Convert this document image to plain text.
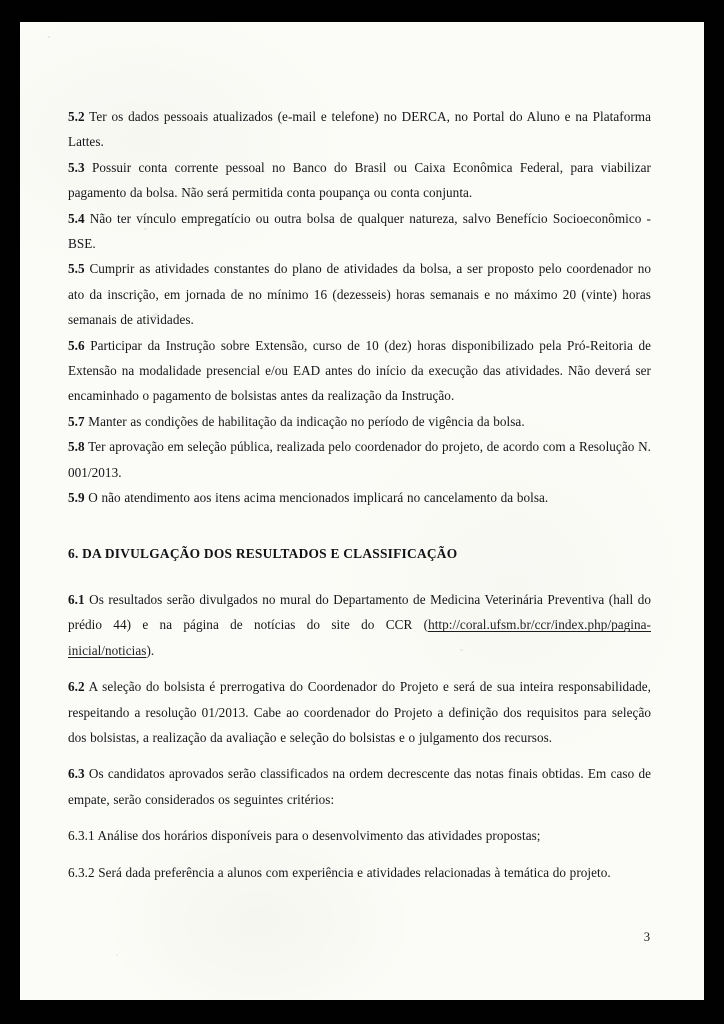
5.2 Ter os dados pessoais atualizados (e-mail e telefone) no DERCA, no Portal do Aluno e na Plataforma Lattes.

5.3 Possuir conta corrente pessoal no Banco do Brasil ou Caixa Econômica Federal, para viabilizar pagamento da bolsa. Não será permitida conta poupança ou conta conjunta.

5.4 Não ter vínculo empregatício ou outra bolsa de qualquer natureza, salvo Benefício Socioeconômico - BSE.

5.5 Cumprir as atividades constantes do plano de atividades da bolsa, a ser proposto pelo coordenador no ato da inscrição, em jornada de no mínimo 16 (dezesseis) horas semanais e no máximo 20 (vinte) horas semanais de atividades.

5.6 Participar da Instrução sobre Extensão, curso de 10 (dez) horas disponibilizado pela Pró-Reitoria de Extensão na modalidade presencial e/ou EAD antes do início da execução das atividades. Não deverá ser encaminhado o pagamento de bolsistas antes da realização da Instrução.

5.7 Manter as condições de habilitação da indicação no período de vigência da bolsa.

5.8 Ter aprovação em seleção pública, realizada pelo coordenador do projeto, de acordo com a Resolução N. 001/2013.

5.9 O não atendimento aos itens acima mencionados implicará no cancelamento da bolsa.

6. DA DIVULGAÇÃO DOS RESULTADOS E CLASSIFICAÇÃO

6.1 Os resultados serão divulgados no mural do Departamento de Medicina Veterinária Preventiva (hall do prédio 44) e na página de notícias do site do CCR (http://coral.ufsm.br/ccr/index.php/pagina-inicial/noticias).

6.2 A seleção do bolsista é prerrogativa do Coordenador do Projeto e será de sua inteira responsabilidade, respeitando a resolução 01/2013. Cabe ao coordenador do Projeto a definição dos requisitos para seleção dos bolsistas, a realização da avaliação e seleção do bolsistas e o julgamento dos recursos.

6.3 Os candidatos aprovados serão classificados na ordem decrescente das notas finais obtidas. Em caso de empate, serão considerados os seguintes critérios:

6.3.1 Análise dos horários disponíveis para o desenvolvimento das atividades propostas;

6.3.2 Será dada preferência a alunos com experiência e atividades relacionadas à temática do projeto.

3
